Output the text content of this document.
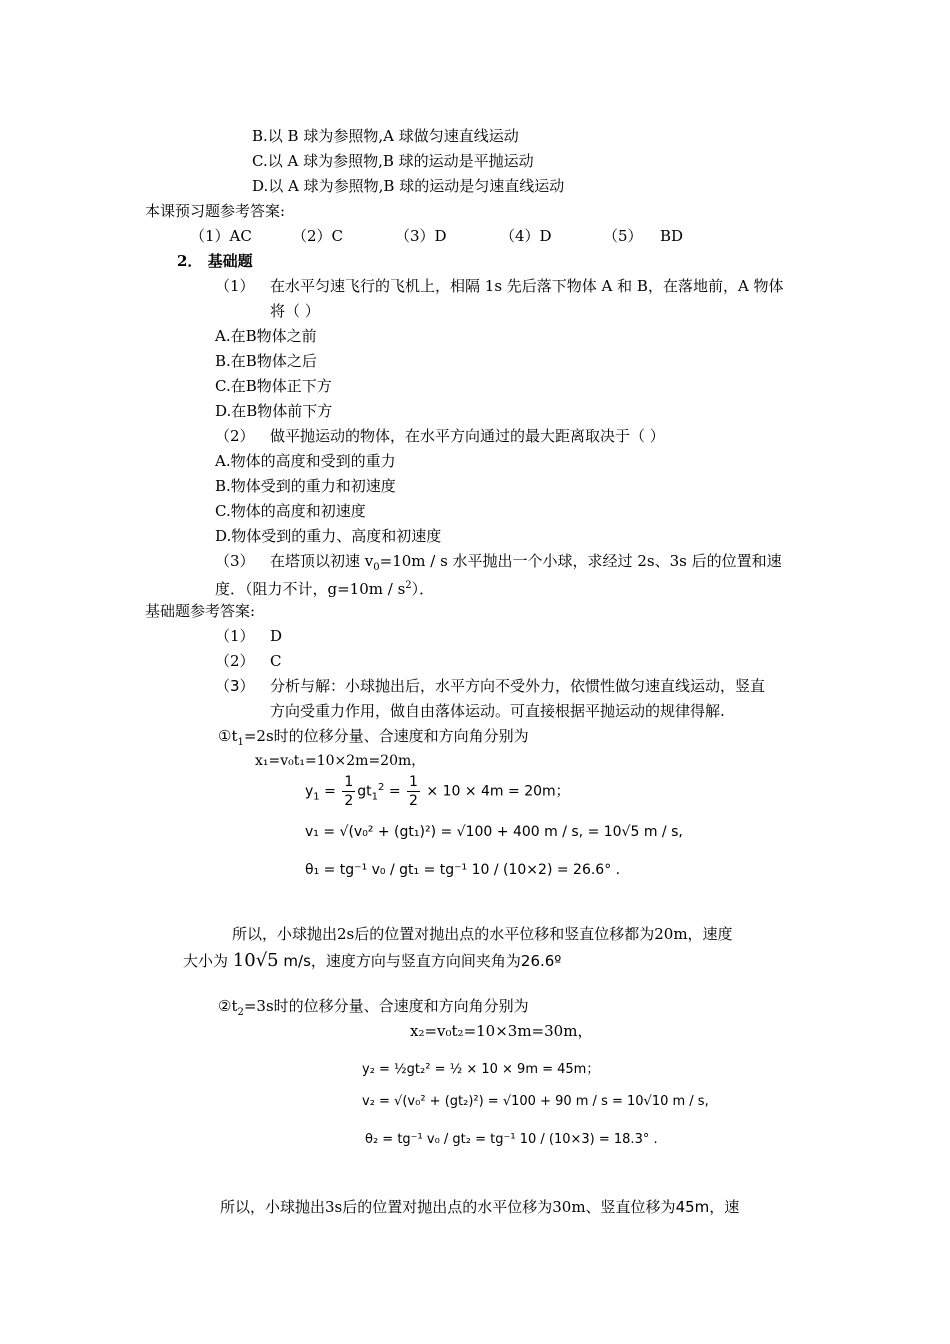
B.以 B 球为参照物,A 球做匀速直线运动
C.以 A 球为参照物,B 球的运动是平抛运动
D.以 A 球为参照物,B 球的运动是匀速直线运动
本课预习题参考答案:
（1）AC	（2）C	（3）D	（4）D	（5） BD
2． 基础题
（1） 在水平匀速飞行的飞机上，相隔 1s 先后落下物体 A 和 B，在落地前，A 物体
将（ ）
A.在B物体之前
B.在B物体之后
C.在B物体正下方
D.在B物体前下方
（2） 做平抛运动的物体，在水平方向通过的最大距离取决于（ ）
A.物体的高度和受到的重力
B.物体受到的重力和初速度
C.物体的高度和初速度
D.物体受到的重力、高度和初速度
（3） 在塔顶以初速 $v_0=10m / s$ 水平抛出一个小球，求经过 2s、3s 后的位置和速
度．（阻力不计，$g=10m / s^2$）．
基础题参考答案:
（1） D
（2） C
（3） 分析与解：小球抛出后，水平方向不受外力，依惯性做匀速直线运动，竖直
方向受重力作用，做自由落体运动。可直接根据平抛运动的规律得解.
$①t_1=2s$时的位移分量、合速度和方向角分别为
x₁=v₀t₁=10×2m=20m，
$y_1 = \frac{1}{2} gt_1^2 = \frac{1}{2} \times 10 \times 4m = 20m$；
v₁ = √(v₀² + (gt₁)²) = √100 + 400 m / s, = 10√5 m / s,
θ₁ = tg⁻¹ v₀ / gt₁ = tg⁻¹ 10 / (10×2) = 26.6° .
所以，小球抛出2s后的位置对抛出点的水平位移和竖直位移都为20m，速度
大小为 10√5 m/s，速度方向与竖直方向间夹角为26.6º
$②t_2=3s$时的位移分量、合速度和方向角分别为
x₂=v₀t₂=10×3m=30m，
y₂ = ½gt₂² = ½ × 10 × 9m = 45m；
v₂ = √(v₀² + (gt₂)²) = √100 + 90 m / s = 10√10 m / s,
θ₂ = tg⁻¹ v₀ / gt₂ = tg⁻¹ 10 / (10×3) = 18.3° .
所以，小球抛出3s后的位置对抛出点的水平位移为30m、竖直位移为45m，速
